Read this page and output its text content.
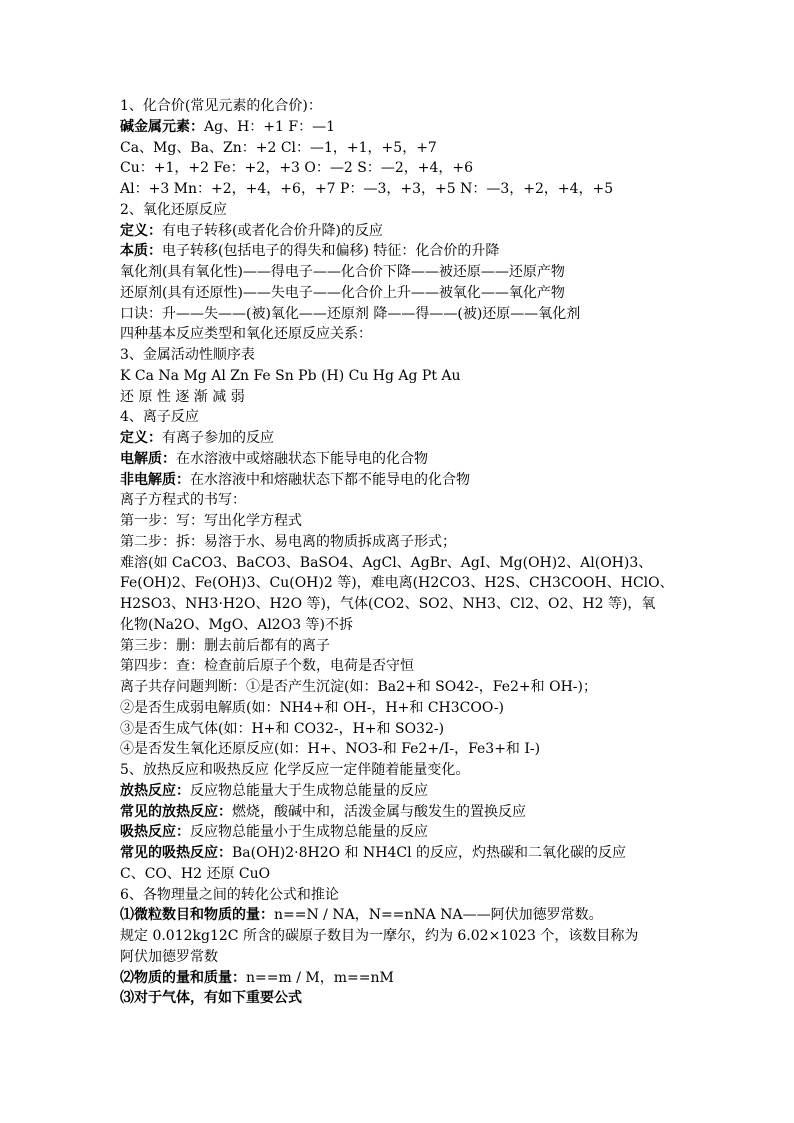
1、化合价(常见元素的化合价)：
碱金属元素：Ag、H：+1 F：—1
Ca、Mg、Ba、Zn：+2 Cl：—1，+1，+5，+7
Cu：+1，+2 Fe：+2，+3 O：—2 S：—2，+4，+6
Al：+3 Mn：+2，+4，+6，+7 P：—3，+3，+5 N：—3，+2，+4，+5
2、氧化还原反应
定义：有电子转移(或者化合价升降)的反应
本质：电子转移(包括电子的得失和偏移) 特征：化合价的升降
氧化剂(具有氧化性)——得电子——化合价下降——被还原——还原产物
还原剂(具有还原性)——失电子——化合价上升——被氧化——氧化产物
口诀：升——失——(被)氧化——还原剂 降——得——(被)还原——氧化剂
四种基本反应类型和氧化还原反应关系：
3、金属活动性顺序表
K Ca Na Mg Al Zn Fe Sn Pb (H) Cu Hg Ag Pt Au
还 原 性 逐 渐 减 弱
4、离子反应
定义：有离子参加的反应
电解质：在水溶液中或熔融状态下能导电的化合物
非电解质：在水溶液中和熔融状态下都不能导电的化合物
离子方程式的书写：
第一步：写：写出化学方程式
第二步：拆：易溶于水、易电离的物质拆成离子形式；
难溶(如 CaCO3、BaCO3、BaSO4、AgCl、AgBr、AgI、Mg(OH)2、Al(OH)3、
Fe(OH)2、Fe(OH)3、Cu(OH)2 等)，难电离(H2CO3、H2S、CH3COOH、HClO、
H2SO3、NH3·H2O、H2O 等)，气体(CO2、SO2、NH3、Cl2、O2、H2 等)，氧
化物(Na2O、MgO、Al2O3 等)不拆
第三步：删：删去前后都有的离子
第四步：查：检查前后原子个数，电荷是否守恒
离子共存问题判断：①是否产生沉淀(如：Ba2+和 SO42-，Fe2+和 OH-)；
②是否生成弱电解质(如：NH4+和 OH-，H+和 CH3COO-)
③是否生成气体(如：H+和 CO32-，H+和 SO32-)
④是否发生氧化还原反应(如：H+、NO3-和 Fe2+/I-，Fe3+和 I-)
5、放热反应和吸热反应 化学反应一定伴随着能量变化。
放热反应：反应物总能量大于生成物总能量的反应
常见的放热反应：燃烧，酸碱中和，活泼金属与酸发生的置换反应
吸热反应：反应物总能量小于生成物总能量的反应
常见的吸热反应：Ba(OH)2·8H2O 和 NH4Cl 的反应，灼热碳和二氧化碳的反应
C、CO、H2 还原 CuO
6、各物理量之间的转化公式和推论
⑴微粒数目和物质的量：n==N / NA，N==nNA NA——阿伏加德罗常数。
规定 0.012kg12C 所含的碳原子数目为一摩尔，约为 6.02×1023 个，该数目称为
阿伏加德罗常数
⑵物质的量和质量：n==m / M，m==nM
⑶对于气体，有如下重要公式
